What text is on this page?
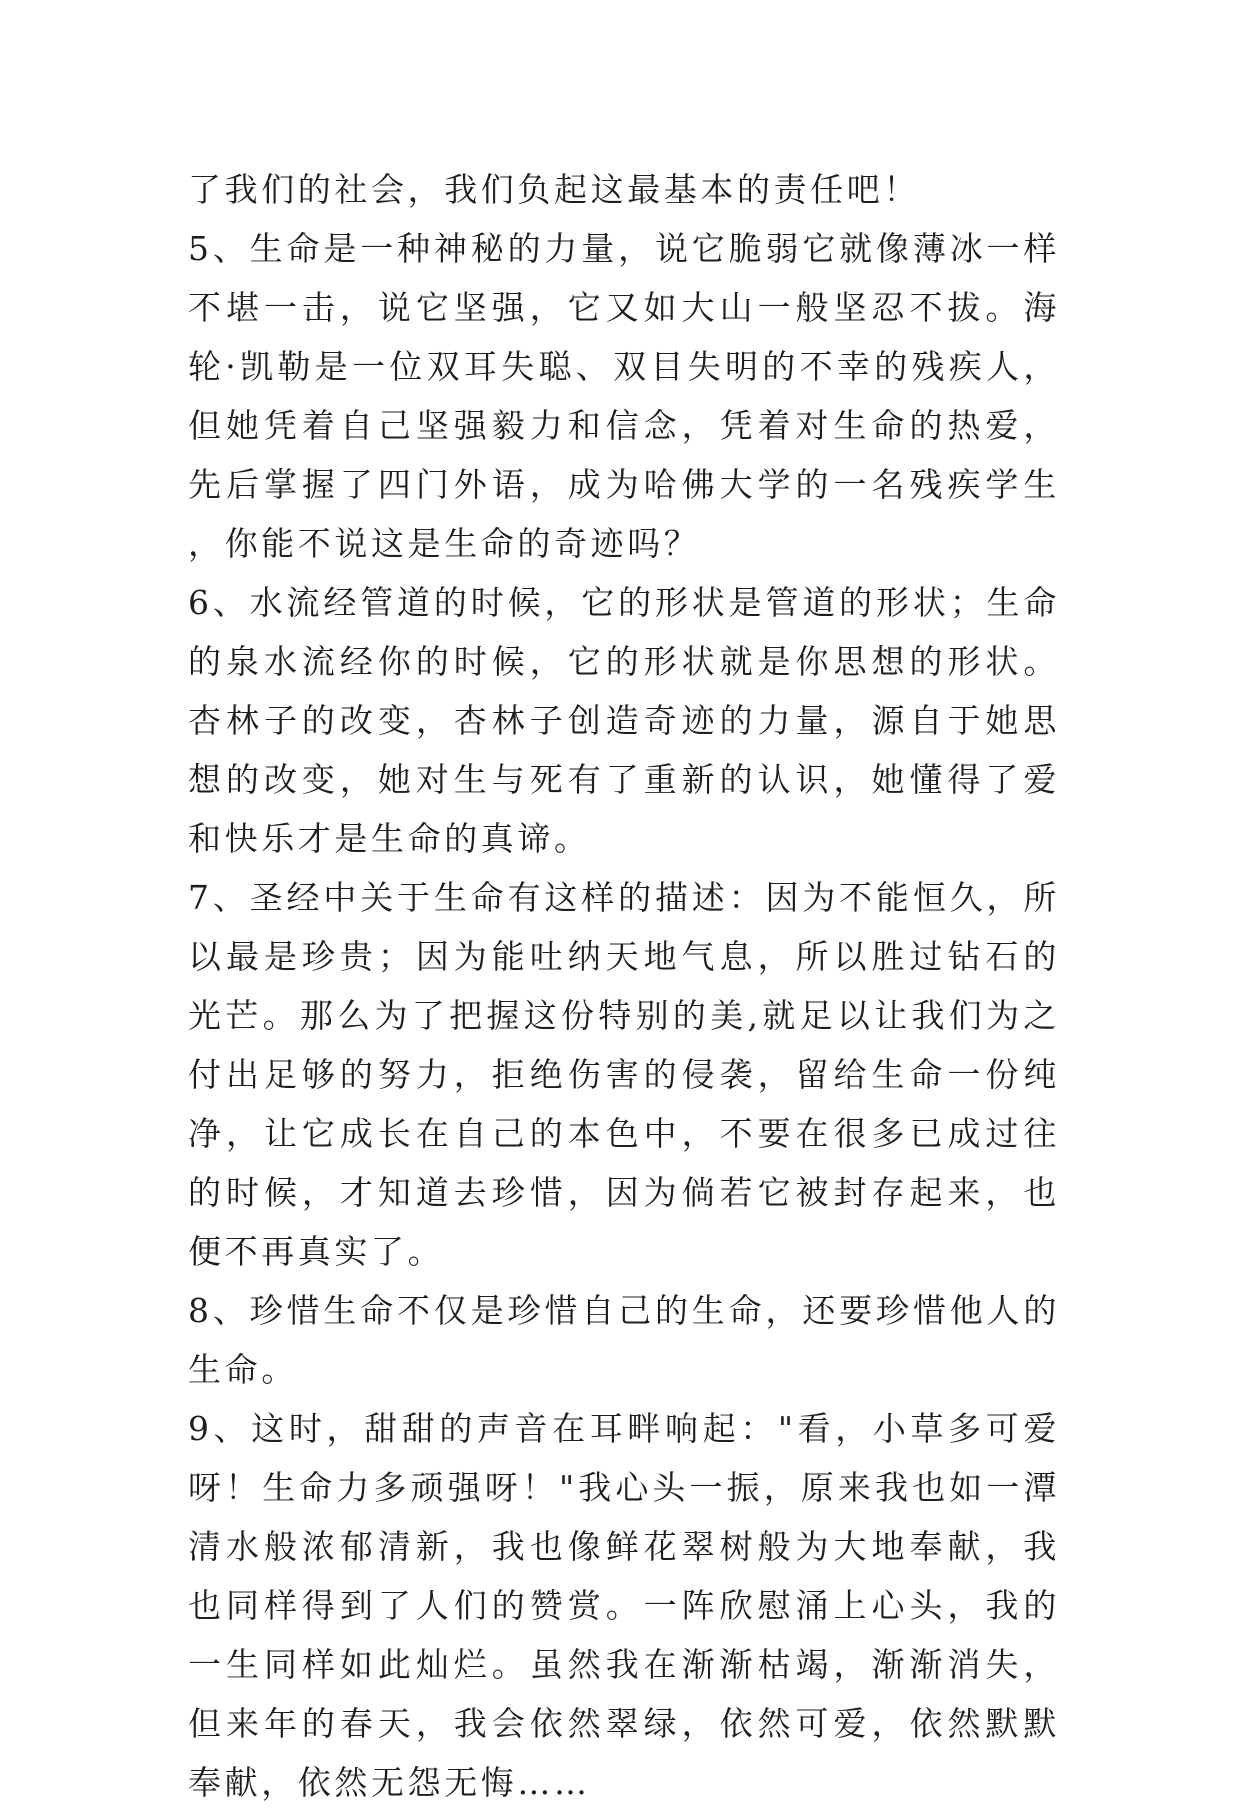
了我们的社会，我们负起这最基本的责任吧！

5、生命是一种神秘的力量，说它脆弱它就像薄冰一样不堪一击，说它坚强，它又如大山一般坚忍不拔。海轮·凯勒是一位双耳失聪、双目失明的不幸的残疾人，但她凭着自己坚强毅力和信念，凭着对生命的热爱，先后掌握了四门外语，成为哈佛大学的一名残疾学生，你能不说这是生命的奇迹吗？

6、水流经管道的时候，它的形状是管道的形状；生命的泉水流经你的时候，它的形状就是你思想的形状。杏林子的改变，杏林子创造奇迹的力量，源自于她思想的改变，她对生与死有了重新的认识，她懂得了爱和快乐才是生命的真谛。

7、圣经中关于生命有这样的描述：因为不能恒久，所以最是珍贵；因为能吐纳天地气息，所以胜过钻石的光芒。那么为了把握这份特别的美,就足以让我们为之付出足够的努力，拒绝伤害的侵袭，留给生命一份纯净，让它成长在自己的本色中，不要在很多已成过往的时候，才知道去珍惜，因为倘若它被封存起来，也便不再真实了。

8、珍惜生命不仅是珍惜自己的生命，还要珍惜他人的生命。

9、这时，甜甜的声音在耳畔响起："看，小草多可爱呀！生命力多顽强呀！"我心头一振，原来我也如一潭清水般浓郁清新，我也像鲜花翠树般为大地奉献，我也同样得到了人们的赞赏。一阵欣慰涌上心头，我的一生同样如此灿烂。虽然我在渐渐枯竭，渐渐消失，但来年的春天，我会依然翠绿，依然可爱，依然默默奉献，依然无怨无悔……
